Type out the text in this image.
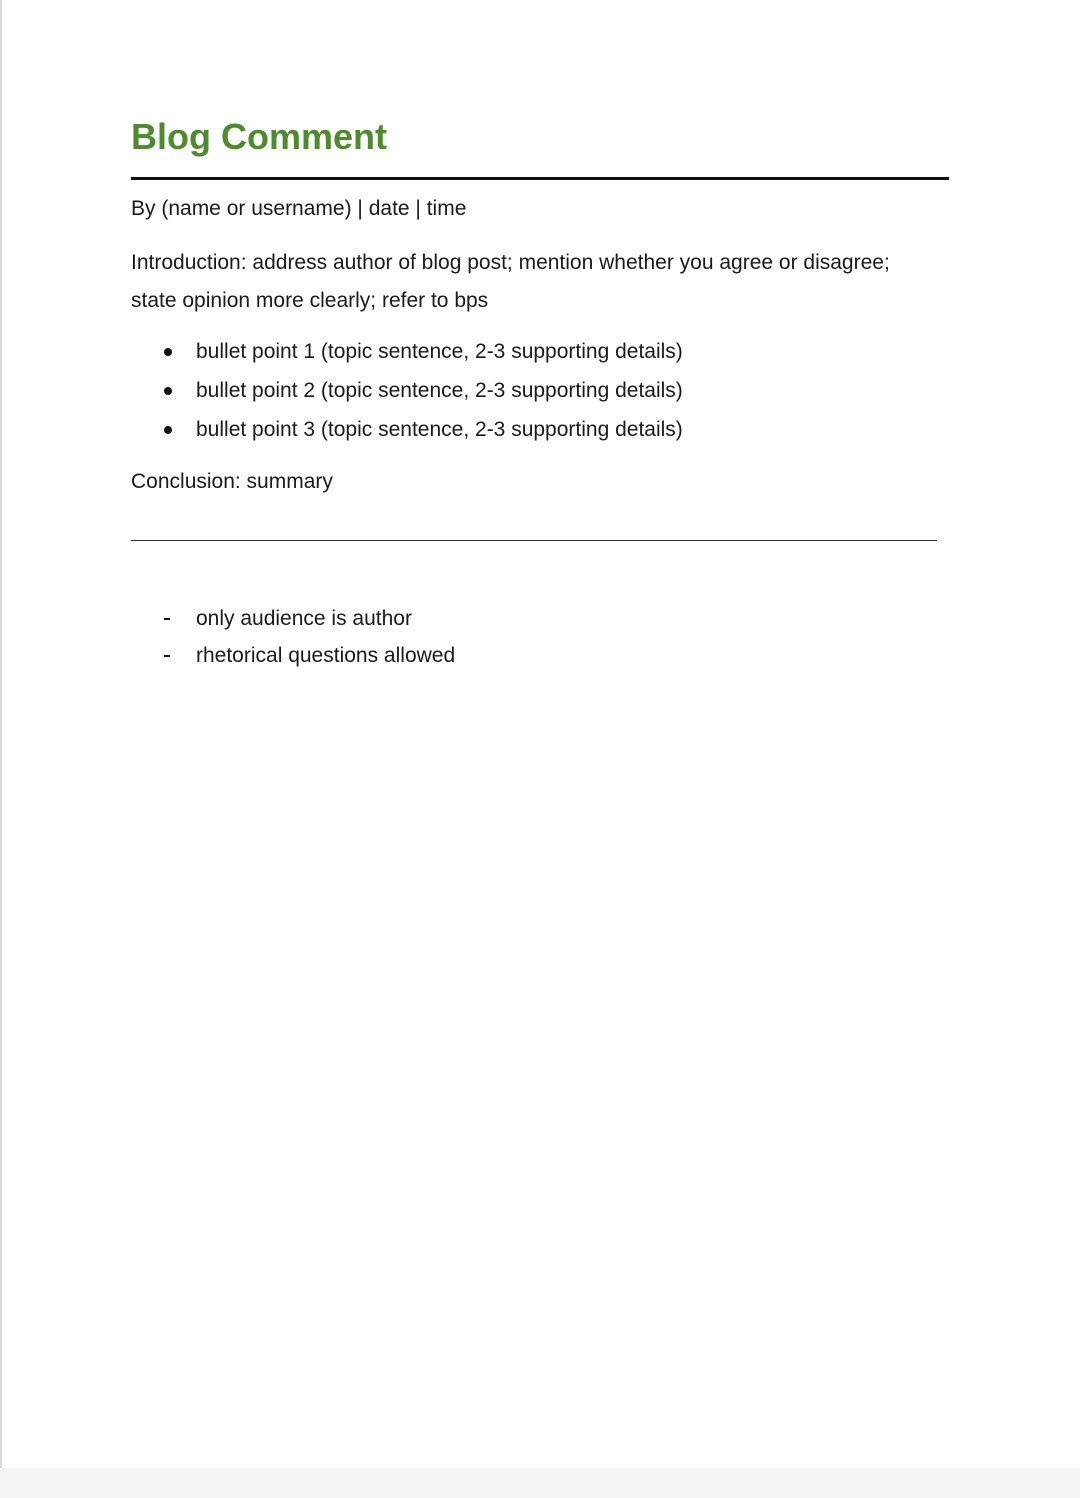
Blog Comment

By (name or username) | date | time

Introduction: address author of blog post; mention whether you agree or disagree;
state opinion more clearly; refer to bps

bullet point 1 (topic sentence, 2-3 supporting details)
bullet point 2 (topic sentence, 2-3 supporting details)
bullet point 3 (topic sentence, 2-3 supporting details)

Conclusion: summary

only audience is author
rhetorical questions allowed
